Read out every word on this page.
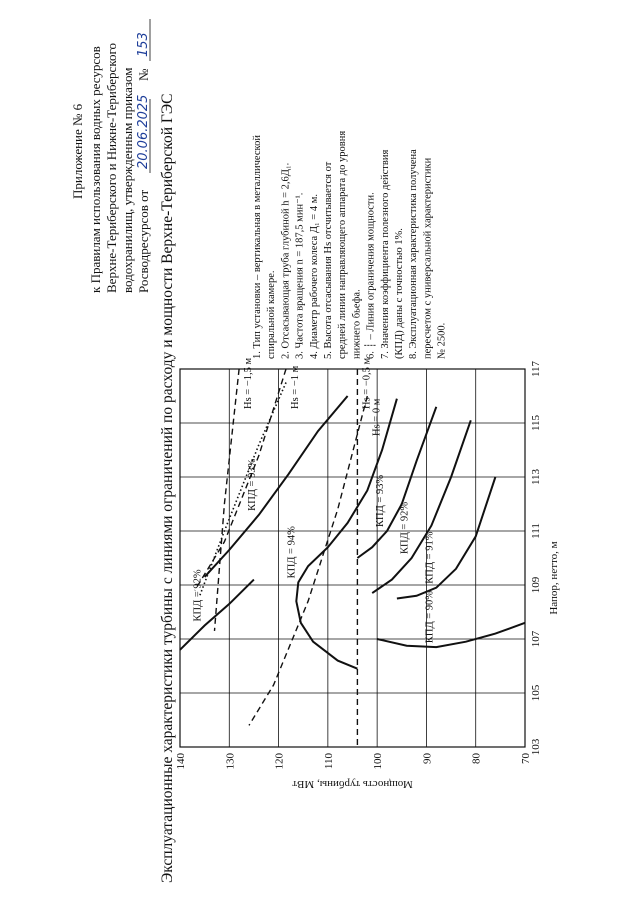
Приложение № 6 к Правилам использования водных ресурсов Верхне-Териберского и Нижне-Териберского водохранилищ, утвержденным приказом Росводресурсов от
20.06.2025
№
153
Эксплуатационные характеристики турбины с линиями ограничений по расходу и мощности Верхне-Териберской ГЭС	1. Тип установки – вертикальная в металлической спиральной камере. 2. Отсасывающая труба глубиной h = 2,6Д₁. 3. Частота вращения n = 187,5 мин⁻¹. 4. Диаметр рабочего колеса Д₁ = 4 м. 5. Высота отсасывания Hs отсчитывается от средней линии направляющего аппарата до уровня нижнего бьефа. 6. ┊ – Линия ограничения мощности. 7. Значения коэффициента полезного действия (КПД) даны с точностью 1%. 8. Эксплуатационная характеристика получена пересчетом с универсальной характеристики № 2500.
103
105
107
109
111
113
115
117
70
80
90
100
110
120
130
140
Напор, нетто, м
Мощность турбины, МВт
КПД = 90%
КПД = 91%
КПД = 92%
КПД = 93%
КПД = 94%
КПД = 93%
КПД = 92%
Hs = −1,5 м	Hs = −1 м
Hs = 0 м
Hs = −0,5 м
